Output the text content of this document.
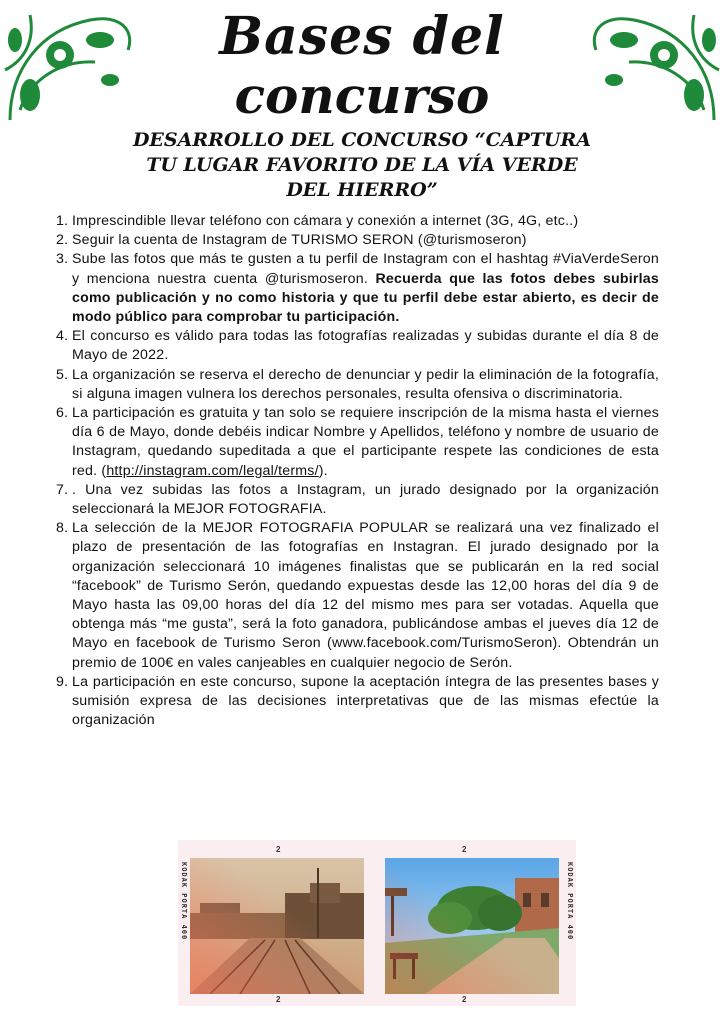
Bases del
concurso
DESARROLLO DEL CONCURSO “CAPTURA
TU LUGAR FAVORITO DE LA VÍA VERDE
DEL HIERRO”
1. Imprescindible llevar teléfono con cámara y conexión a internet (3G, 4G, etc..)
2. Seguir la cuenta de Instagram de TURISMO SERON (@turismoseron)
3. Sube las fotos que más te gusten a tu perfil de Instagram con el hashtag #ViaVerdeSeron y menciona nuestra cuenta @turismoseron. Recuerda que las fotos debes subirlas como publicación y no como historia y que tu perfil debe estar abierto, es decir de modo público para comprobar tu participación.
4. El concurso es válido para todas las fotografías realizadas y subidas durante el día 8 de Mayo de 2022.
5. La organización se reserva el derecho de denunciar y pedir la eliminación de la fotografía, si alguna imagen vulnera los derechos personales, resulta ofensiva o discriminatoria.
6. La participación es gratuita y tan solo se requiere inscripción de la misma hasta el viernes día 6 de Mayo, donde debéis indicar Nombre y Apellidos, teléfono y nombre de usuario de Instagram, quedando supeditada a que el participante respete las condiciones de esta red. (http://instagram.com/legal/terms/).
7. . Una vez subidas las fotos a Instagram, un jurado designado por la organización seleccionará la MEJOR FOTOGRAFIA.
8. La selección de la MEJOR FOTOGRAFIA POPULAR se realizará una vez finalizado el plazo de presentación de las fotografías en Instagran. El jurado designado por la organización seleccionará 10 imágenes finalistas que se publicarán en la red social “facebook” de Turismo Serón, quedando expuestas desde las 12,00 horas del día 9 de Mayo hasta las 09,00 horas del día 12 del mismo mes para ser votadas. Aquella que obtenga más “me gusta”, será la foto ganadora, publicándose ambas el jueves día 12 de Mayo en facebook de Turismo Seron (www.facebook.com/TurismoSeron). Obtendrán un premio de 100€ en vales canjeables en cualquier negocio de Serón.
9. La participación en este concurso, supone la aceptación íntegra de las presentes bases y sumisión expresa de las decisiones interpretativas que de las mismas efectúe la organización
KODAK PORTA 400	KODAK PORTA 400
2
2
2
2
